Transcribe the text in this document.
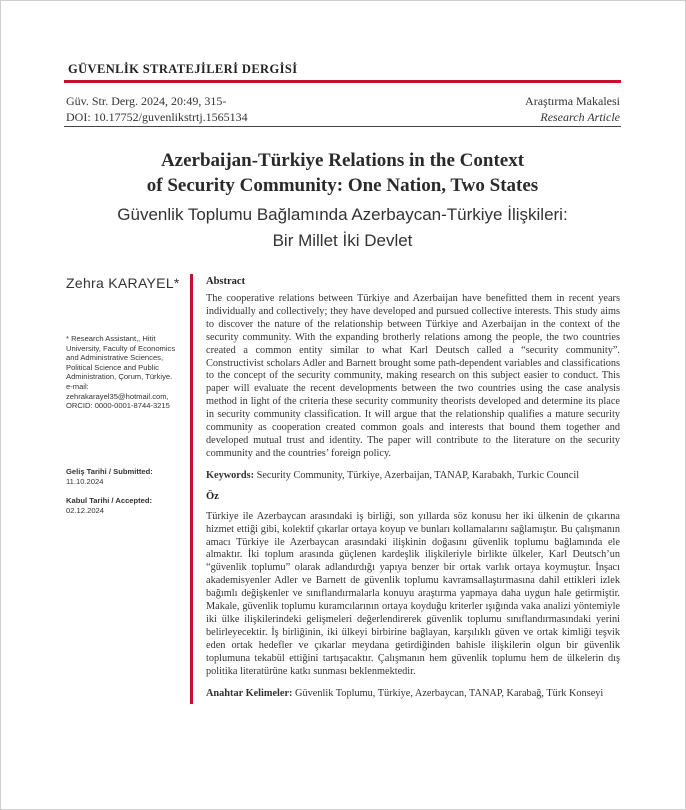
GÜVENLİK STRATEJİLERİ DERGİSİ
Güv. Str. Derg. 2024, 20:49, 315-
DOI: 10.17752/guvenlikstrtj.1565134
Araştırma Makalesi
Research Article
Azerbaijan-Türkiye Relations in the Context
of Security Community: One Nation, Two States
Güvenlik Toplumu Bağlamında Azerbaycan-Türkiye İlişkileri:
Bir Millet İki Devlet
Zehra KARAYEL*
* Research Assistant,, Hitit
University, Faculty of Economics
and Administrative Sciences,
Political Science and Public
Administration, Çorum, Türkiye.
e-mail: zehrakarayel35@hotmail.com,
ORCID: 0000-0001-8744-3215
Geliş Tarihi / Submitted:
11.10.2024
Kabul Tarihi / Accepted:
02.12.2024
Abstract

The cooperative relations between Türkiye and Azerbaijan have benefitted them in recent years individually and collectively; they have developed and pursued collective interests. This study aims to discover the nature of the relationship between Türkiye and Azerbaijan in the context of the security community. With the expanding brotherly relations among the people, the two countries created a common entity similar to what Karl Deutsch called a “security community”. Constructivist scholars Adler and Barnett brought some path-dependent variables and classifications to the concept of the security community, making research on this subject easier to conduct. This paper will evaluate the recent developments between the two countries using the case analysis method in light of the criteria these security community theorists developed and determine its place in security community classification. It will argue that the relationship qualifies a mature security community as cooperation created common goals and interests that bound them together and developed mutual trust and identity. The paper will contribute to the literature on the security community and the countries’ foreign policy.

Keywords: Security Community, Türkiye, Azerbaijan, TANAP, Karabakh, Turkic Council
Öz

Türkiye ile Azerbaycan arasındaki iş birliği, son yıllarda söz konusu her iki ülkenin de çıkarına hizmet ettiği gibi, kolektif çıkarlar ortaya koyup ve bunları kollamalarını sağlamıştır. Bu çalışmanın amacı Türkiye ile Azerbaycan arasındaki ilişkinin doğasını güvenlik toplumu bağlamında ele almaktır. İki toplum arasında güçlenen kardeşlik ilişkileriyle birlikte ülkeler, Karl Deutsch’un “güvenlik toplumu” olarak adlandırdığı yapıya benzer bir ortak varlık ortaya koymuştur. İnşacı akademisyenler Adler ve Barnett de güvenlik toplumu kavramsallaştırmasına dahil ettikleri izlek bağımlı değişkenler ve sınıflandırmalarla konuyu araştırma yapmaya daha uygun hale getirmiştir. Makale, güvenlik toplumu kuramcılarının ortaya koyduğu kriterler ışığında vaka analizi yöntemiyle iki ülke ilişkilerindeki gelişmeleri değerlendirerek güvenlik toplumu sınıflandırmasındaki yerini belirleyecektir. İş birliğinin, iki ülkeyi birbirine bağlayan, karşılıklı güven ve ortak kimliği teşvik eden ortak hedefler ve çıkarlar meydana getirdiğinden bahisle ilişkilerin olgun bir güvenlik toplumuna tekabül ettiğini tartışacaktır. Çalışmanın hem güvenlik toplumu hem de ülkelerin dış politika literatürüne katkı sunması beklenmektedir.

Anahtar Kelimeler: Güvenlik Toplumu, Türkiye, Azerbaycan, TANAP, Karabağ, Türk Konseyi
